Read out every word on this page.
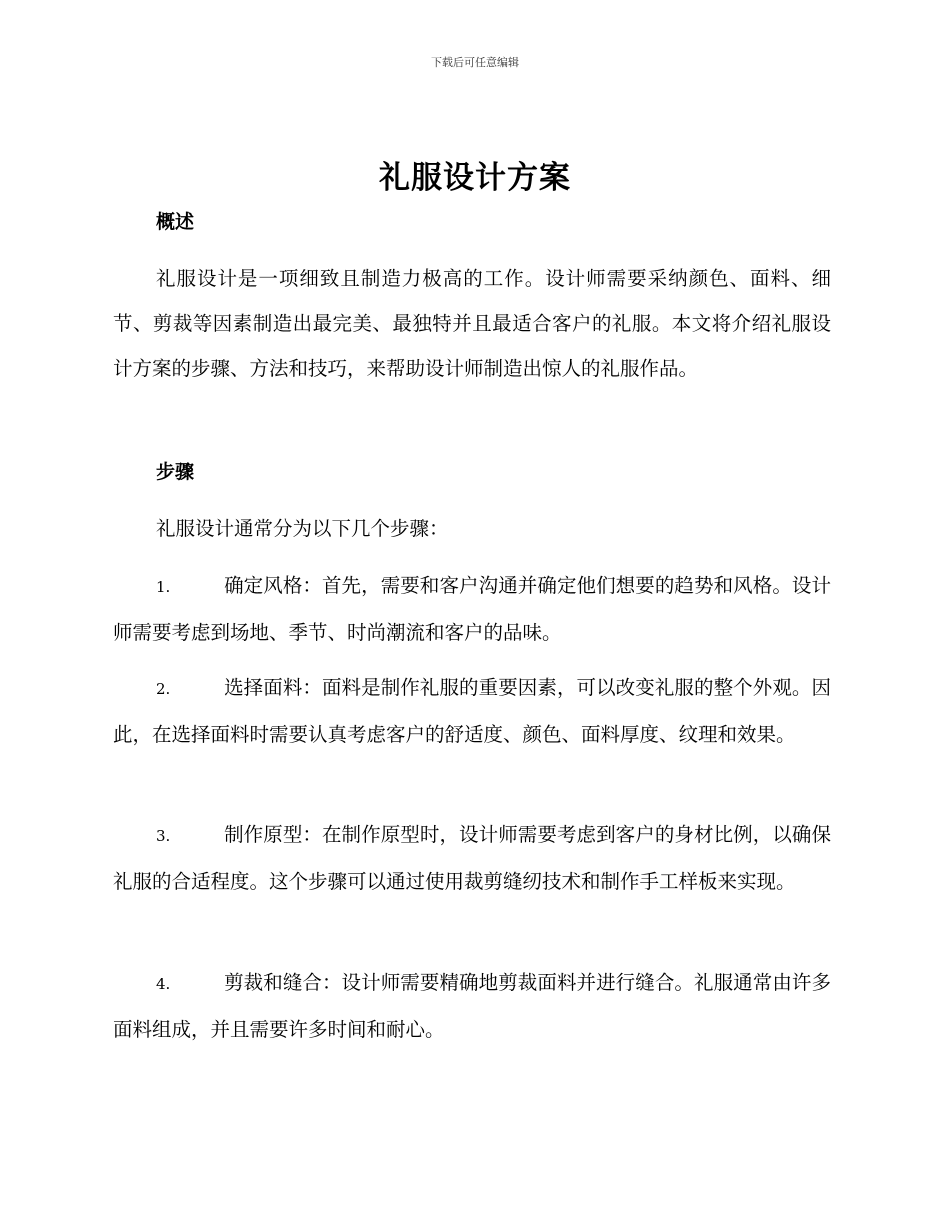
下载后可任意编辑
礼服设计方案
概述

礼服设计是一项细致且制造力极高的工作。设计师需要采纳颜色、面料、细节、剪裁等因素制造出最完美、最独特并且最适合客户的礼服。本文将介绍礼服设计方案的步骤、方法和技巧，来帮助设计师制造出惊人的礼服作品。

步骤

礼服设计通常分为以下几个步骤：

1.	确定风格：首先，需要和客户沟通并确定他们想要的趋势和风格。设计师需要考虑到场地、季节、时尚潮流和客户的品味。

2.	选择面料：面料是制作礼服的重要因素，可以改变礼服的整个外观。因此，在选择面料时需要认真考虑客户的舒适度、颜色、面料厚度、纹理和效果。

3.	制作原型：在制作原型时，设计师需要考虑到客户的身材比例，以确保礼服的合适程度。这个步骤可以通过使用裁剪缝纫技术和制作手工样板来实现。

4.	剪裁和缝合：设计师需要精确地剪裁面料并进行缝合。礼服通常由许多面料组成，并且需要许多时间和耐心。
